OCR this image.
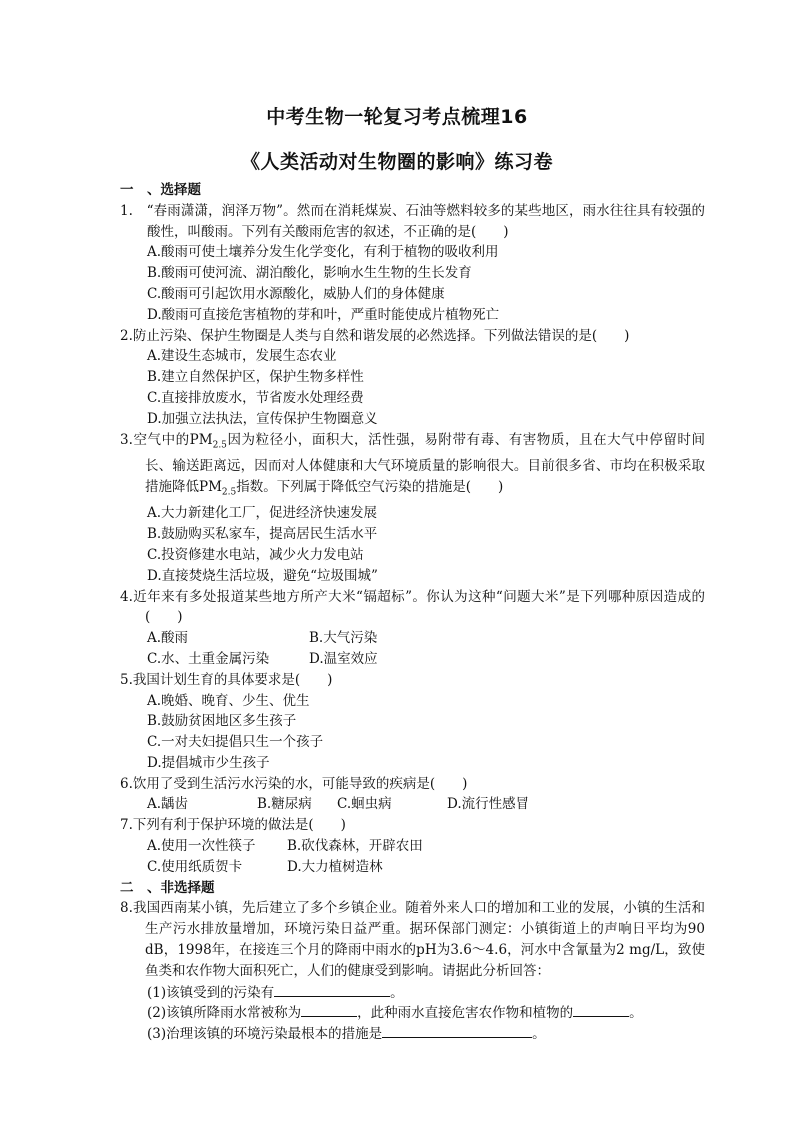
中考生物一轮复习考点梳理16
《人类活动对生物圈的影响》练习卷
一　、选择题
1.　“春雨潇潇，润泽万物”。然而在消耗煤炭、石油等燃料较多的某些地区，雨水往往具有较强的酸性，叫酸雨。下列有关酸雨危害的叙述，不正确的是(　　)
A.酸雨可使土壤养分发生化学变化，有利于植物的吸收利用
B.酸雨可使河流、湖泊酸化，影响水生生物的生长发育
C.酸雨可引起饮用水源酸化，威胁人们的身体健康
D.酸雨可直接危害植物的芽和叶，严重时能使成片植物死亡
2.防止污染、保护生物圈是人类与自然和谐发展的必然选择。下列做法错误的是(　　)
A.建设生态城市，发展生态农业
B.建立自然保护区，保护生物多样性
C.直接排放废水，节省废水处理经费
D.加强立法执法，宣传保护生物圈意义
3.空气中的$PM_{2.5}$因为粒径小，面积大，活性强，易附带有毒、有害物质，且在大气中停留时间长、输送距离远，因而对人体健康和大气环境质量的影响很大。目前很多省、市均在积极采取措施降低$PM_{2.5}$指数。下列属于降低空气污染的措施是(　　)
A.大力新建化工厂，促进经济快速发展
B.鼓励购买私家车，提高居民生活水平
C.投资修建水电站，减少火力发电站
D.直接焚烧生活垃圾，避免“垃圾围城”
4.近年来有多处报道某些地方所产大米“镉超标”。你认为这种“问题大米”是下列哪种原因造成的(　　)
A.酸雨	B.大气污染
C.水、土重金属污染	D.温室效应
5.我国计划生育的具体要求是(　　)
A.晚婚、晚育、少生、优生
B.鼓励贫困地区多生孩子
C.一对夫妇提倡只生一个孩子
D.提倡城市少生孩子
6.饮用了受到生活污水污染的水，可能导致的疾病是(　　)
A.龋齿	B.糖尿病 C.蛔虫病	D.流行性感冒
7.下列有利于保护环境的做法是(　　)
A.使用一次性筷子 B.砍伐森林，开辟农田
C.使用纸质贺卡	D.大力植树造林
二　、非选择题
8.我国西南某小镇，先后建立了多个乡镇企业。随着外来人口的增加和工业的发展，小镇的生活和生产污水排放量增加，环境污染日益严重。据环保部门测定：小镇街道上的声响日平均为90 dB，1998年，在接连三个月的降雨中雨水的pH为3.6～4.6，河水中含氰量为2 mg/L，致使鱼类和农作物大面积死亡，人们的健康受到影响。请据此分析回答：
(1)该镇受到的污染有	。
(2)该镇所降雨水常被称为	，此种雨水直接危害农作物和植物的	。
(3)治理该镇的环境污染最根本的措施是	。
